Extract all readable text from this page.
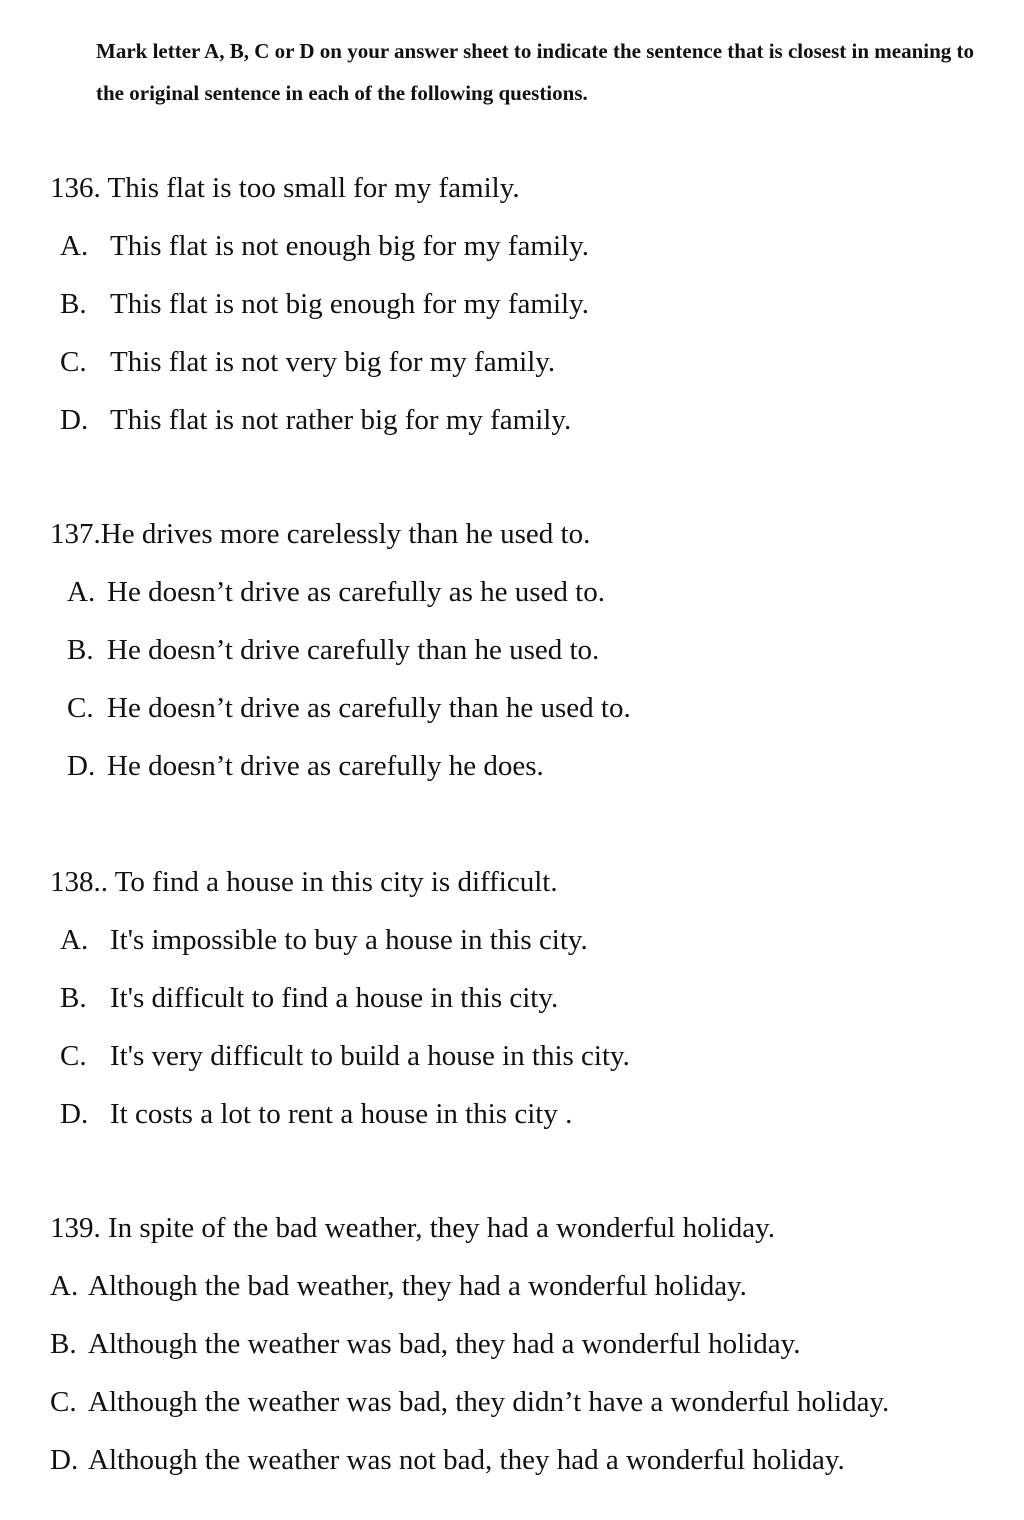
Mark letter A, B, C or D on your answer sheet to indicate the sentence that is closest in meaning to the original sentence in each of the following questions.
136. This flat is too small for my family.
A. This flat is not enough big for my family.
B. This flat is not big enough for my family.
C. This flat is not very big for my family.
D. This flat is not rather big for my family.
137.He drives more carelessly than he used to.
A. He doesn’t drive as carefully as he used to.
B. He doesn’t drive carefully than he used to.
C. He doesn’t drive as carefully than he used to.
D. He doesn’t drive as carefully he does.
138.. To find a house in this city is difficult.
A. It's impossible to buy a house in this city.
B. It's difficult to find a house in this city.
C. It's very difficult to build a house in this city.
D. It costs a lot to rent a house in this city .
139. In spite of the bad weather, they had a wonderful holiday.
A. Although the bad weather, they had a wonderful holiday.
B. Although the weather was bad, they had a wonderful holiday.
C. Although the weather was bad, they didn’t have a wonderful holiday.
D. Although the weather was not bad, they had a wonderful holiday.
